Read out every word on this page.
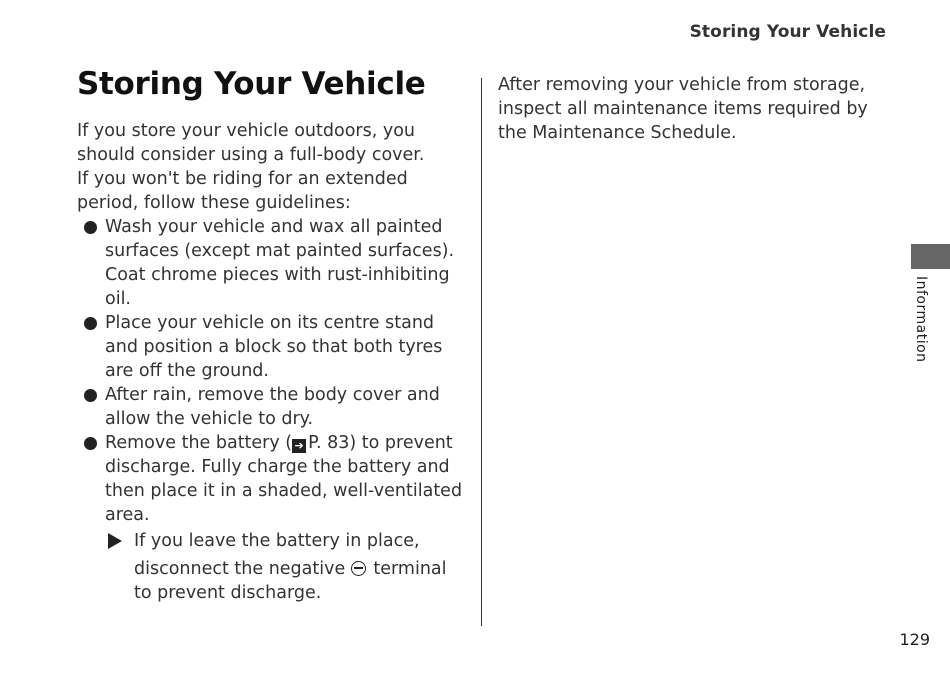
Storing Your Vehicle
Storing Your Vehicle

If you store your vehicle outdoors, you should consider using a full-body cover.

If you won't be riding for an extended period, follow these guidelines:

Wash your vehicle and wax all painted surfaces (except mat painted surfaces). Coat chrome pieces with rust-inhibiting oil.
Place your vehicle on its centre stand and position a block so that both tyres are off the ground.
After rain, remove the body cover and allow the vehicle to dry.
Remove the battery ( ➔ P. 83) to prevent discharge. Fully charge the battery and then place it in a shaded, well-ventilated area.
If you leave the battery in place,
disconnect the negative terminal to prevent discharge.

After removing your vehicle from storage, inspect all maintenance items required by the Maintenance Schedule.

Information
129
